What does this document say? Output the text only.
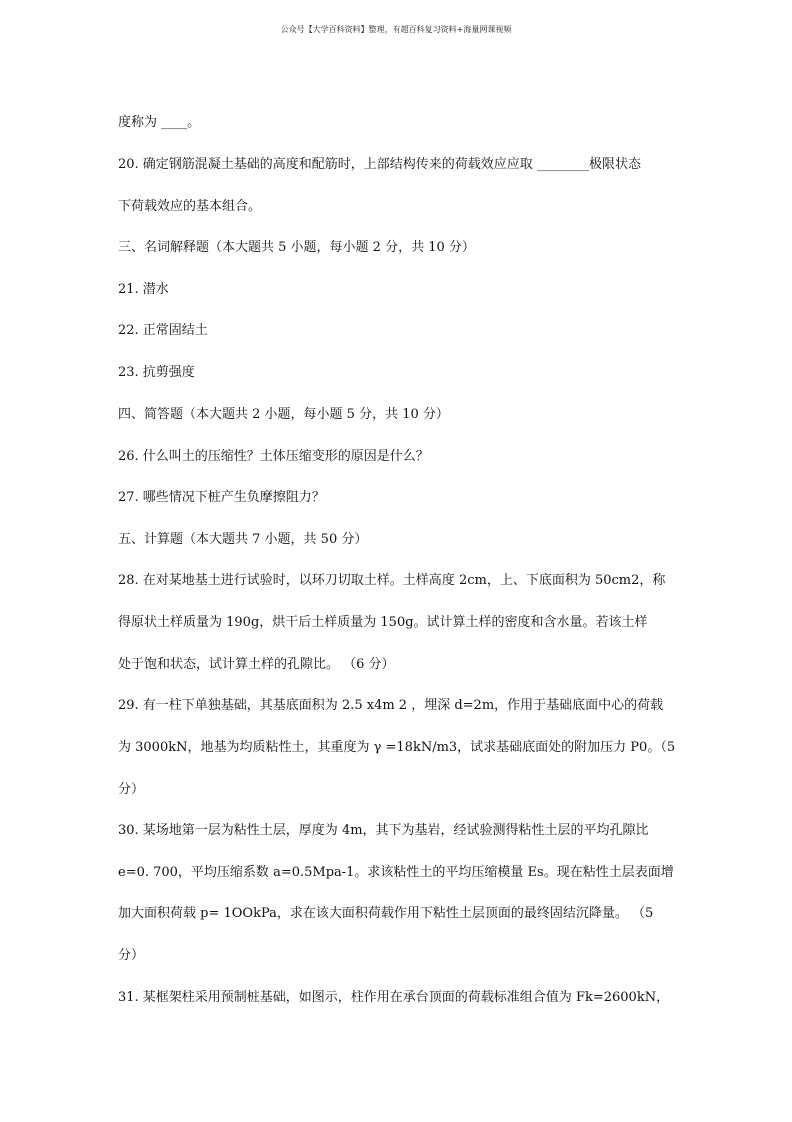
公众号【大学百科资料】整理，有超百科复习资料+海量网课视频
度称为 ____。
20. 确定钢筋混凝土基础的高度和配筋时，上部结构传来的荷载效应应取 ________极限状态
下荷载效应的基本组合。
三、名词解释题（本大题共 5 小题，每小题 2 分，共 10 分）
21. 潜水
22. 正常固结土
23. 抗剪强度
四、简答题（本大题共 2 小题，每小题 5 分，共 10 分）
26. 什么叫土的压缩性？土体压缩变形的原因是什么？
27. 哪些情况下桩产生负摩擦阻力？
五、计算题（本大题共 7 小题，共 50 分）
28. 在对某地基土进行试验时，以环刀切取土样。土样高度 2cm，上、下底面积为 50cm2，称
得原状土样质量为 190g，烘干后土样质量为 150g。试计算土样的密度和含水量。若该土样
处于饱和状态，试计算土样的孔隙比。 （6 分）
29. 有一柱下单独基础，其基底面积为 2.5 x4m 2 ，埋深 d=2m，作用于基础底面中心的荷载
为 3000kN，地基为均质粘性土，其重度为 γ =18kN/m3，试求基础底面处的附加压力 P0。（5
分）
30. 某场地第一层为粘性土层，厚度为 4m，其下为基岩，经试验测得粘性土层的平均孔隙比
e=0. 700，平均压缩系数 a=0.5Mpa-1。求该粘性土的平均压缩模量 Es。现在粘性土层表面增
加大面积荷载 p= 1OOkPa，求在该大面积荷载作用下粘性土层顶面的最终固结沉降量。 （5
分）
31. 某框架柱采用预制桩基础，如图示，柱作用在承台顶面的荷载标准组合值为 Fk=2600kN，
